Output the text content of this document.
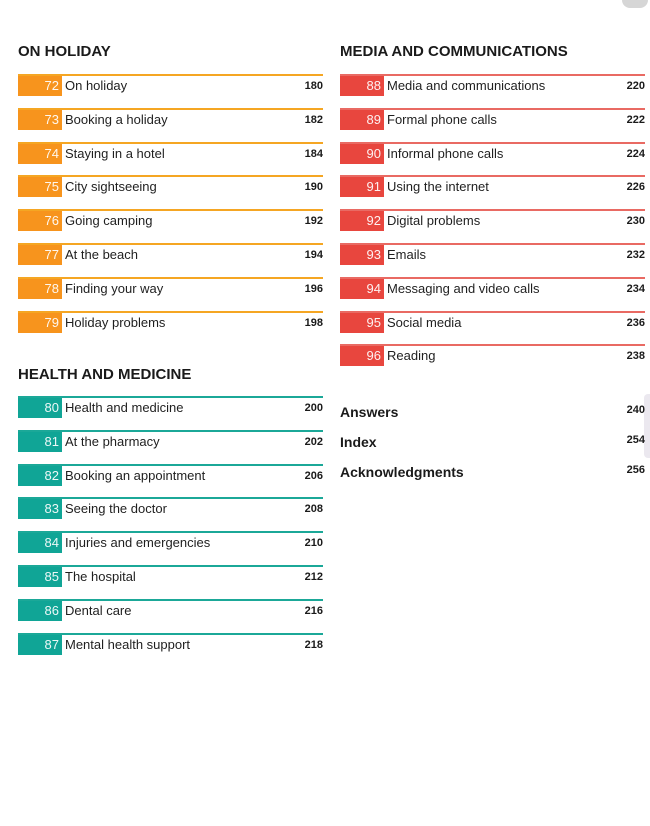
ON HOLIDAY
72 On holiday	180
73 Booking a holiday	182
74 Staying in a hotel	184
75 City sightseeing	190
76 Going camping	192
77 At the beach	194
78 Finding your way	196
79 Holiday problems	198
HEALTH AND MEDICINE
80 Health and medicine	200
81 At the pharmacy	202
82 Booking an appointment	206
83 Seeing the doctor	208
84 Injuries and emergencies	210
85 The hospital	212
86 Dental care	216
87 Mental health support	218
MEDIA AND COMMUNICATIONS
88 Media and communications	220
89 Formal phone calls	222
90 Informal phone calls	224
91 Using the internet	226
92 Digital problems	230
93 Emails	232
94 Messaging and video calls	234
95 Social media	236
96 Reading	238
Answers	240
Index	254
Acknowledgments	256
